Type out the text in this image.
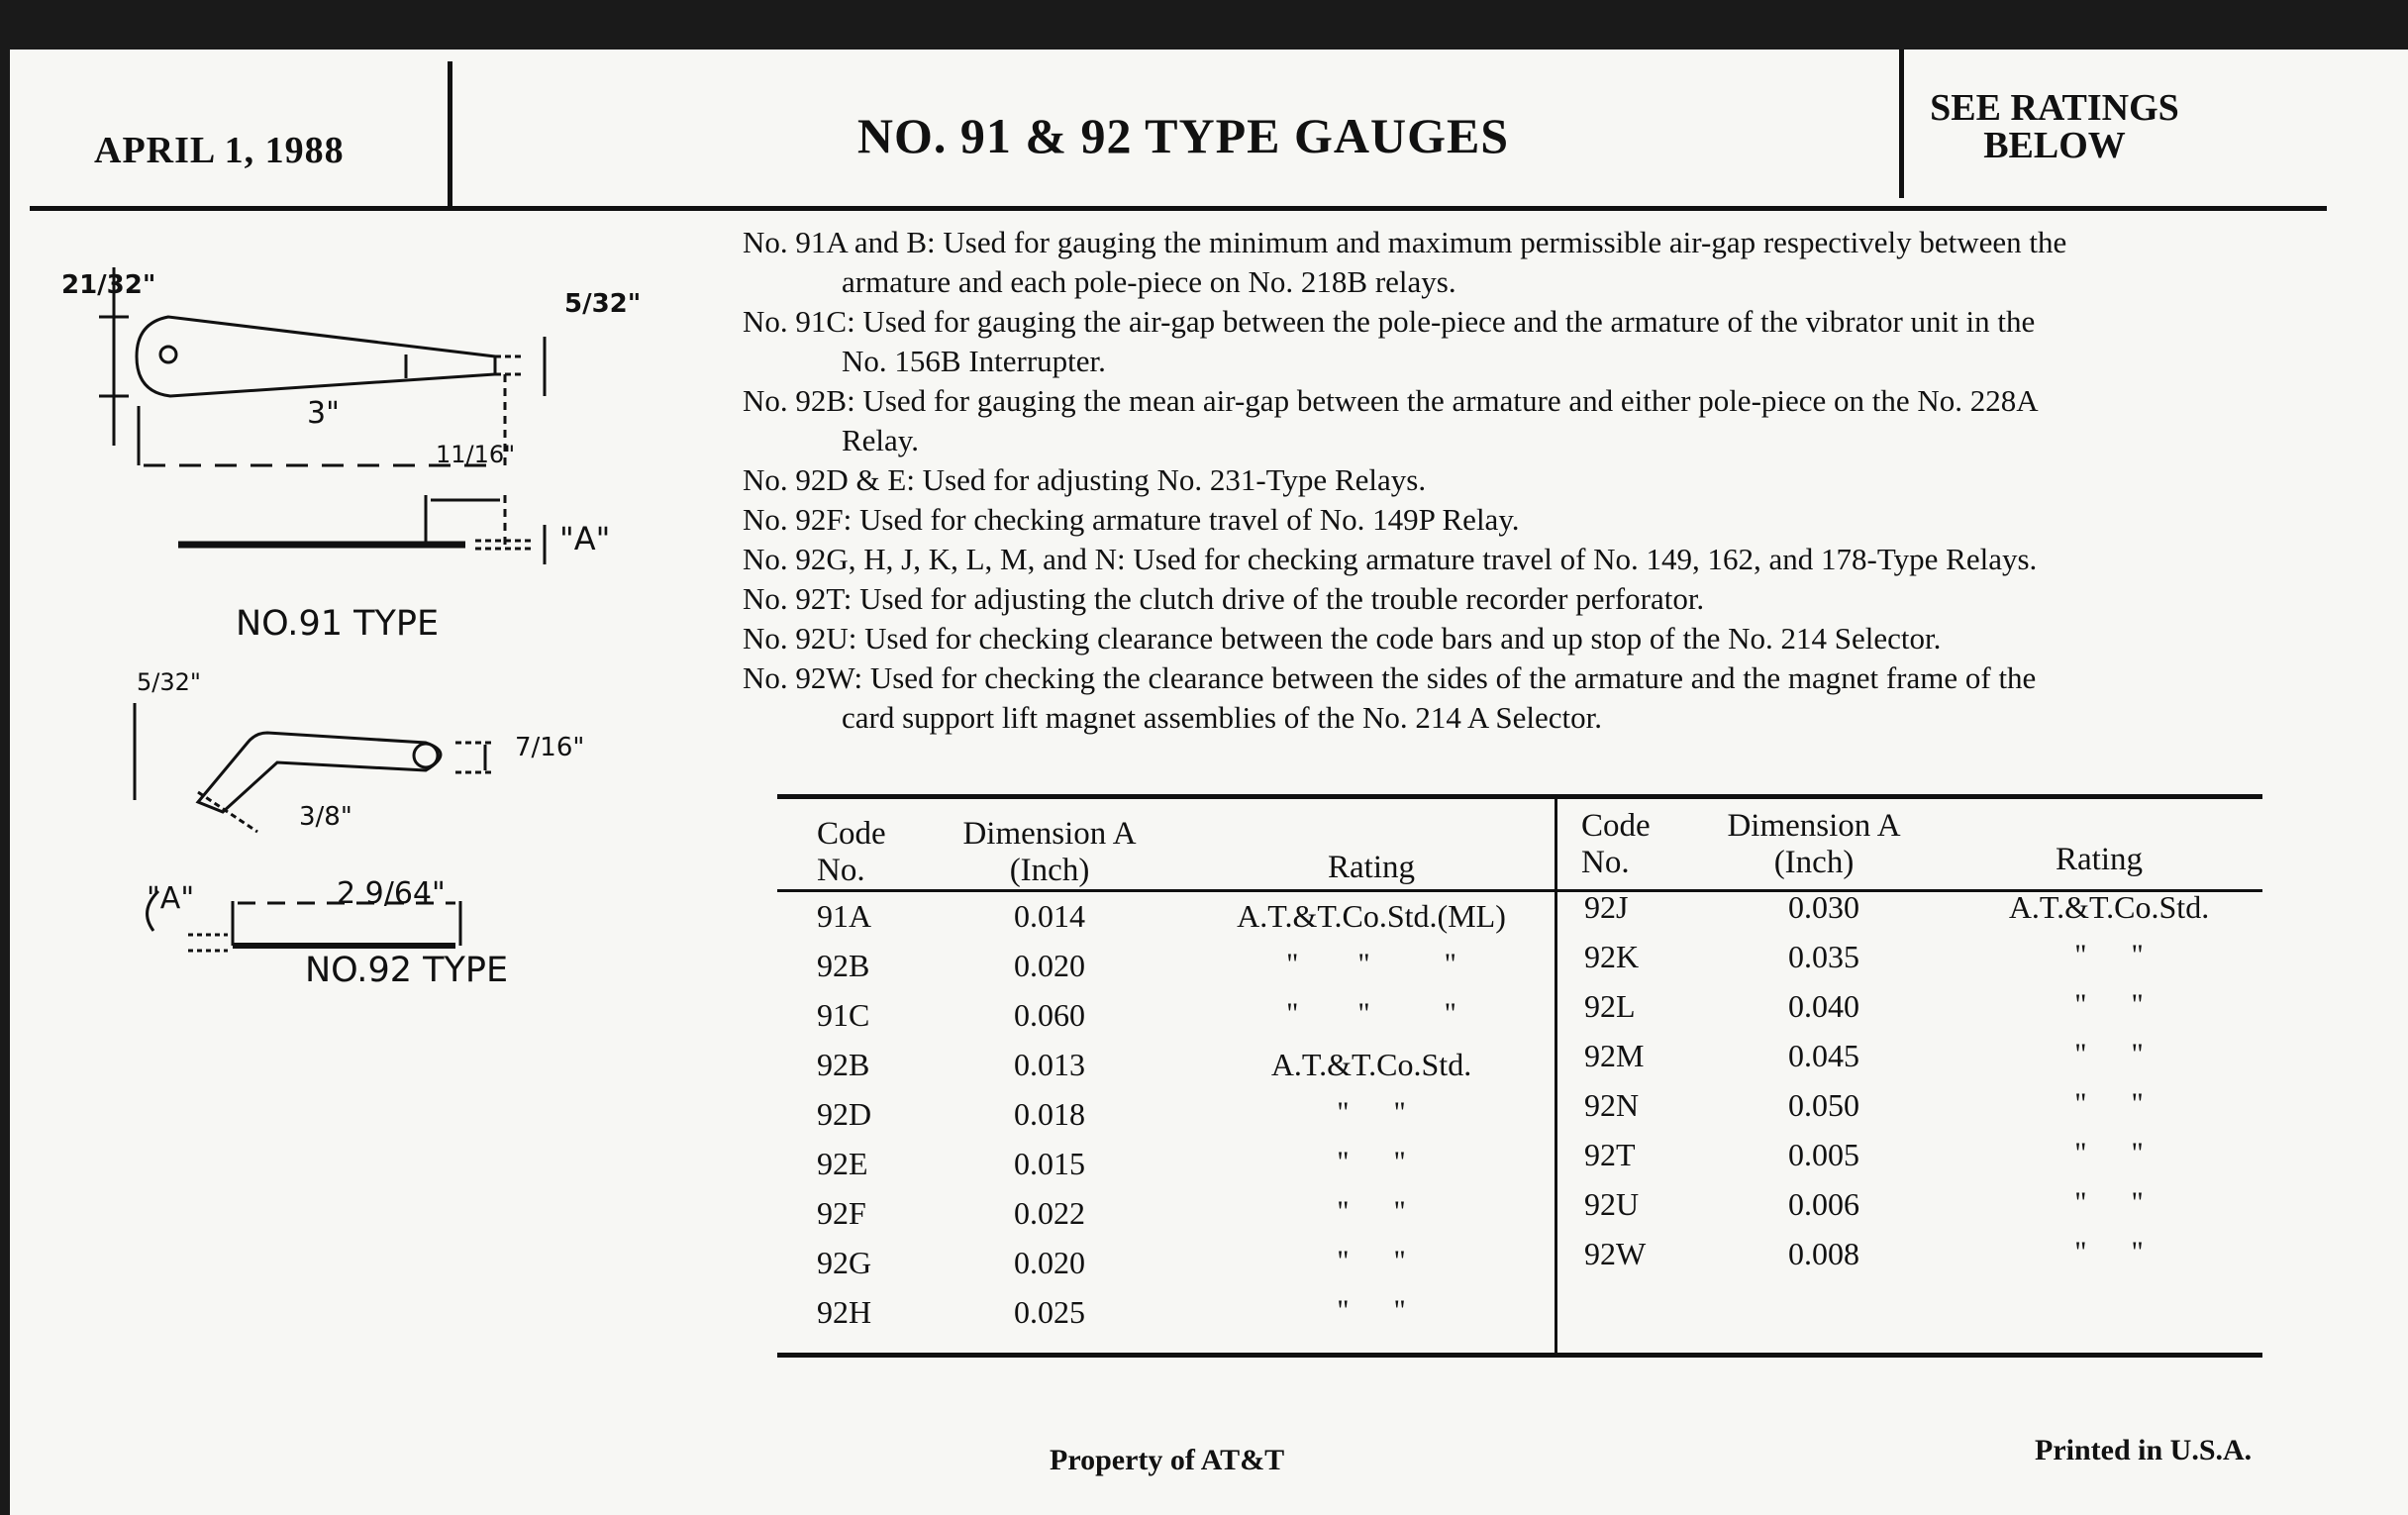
APRIL 1, 1988	NO. 91 & 92 TYPE GAUGES	SEE RATINGS
BELOW
21/32"
5/32"
3"
11/16"
"A"
NO.91 TYPE
5/32"
7/16"
3/8"
"A"	2 9/64"
NO.92 TYPE
No. 91A and B: Used for gauging the minimum and maximum permissible air-gap respectively between the
armature and each pole-piece on No. 218B relays.
No. 91C: Used for gauging the air-gap between the pole-piece and the armature of the vibrator unit in the
No. 156B Interrupter.
No. 92B: Used for gauging the mean air-gap between the armature and either pole-piece on the No. 228A
Relay.
No. 92D & E: Used for adjusting No. 231-Type Relays.
No. 92F: Used for checking armature travel of No. 149P Relay.
No. 92G, H, J, K, L, M, and N: Used for checking armature travel of No. 149, 162, and 178-Type Relays.
No. 92T: Used for adjusting the clutch drive of the trouble recorder perforator.
No. 92U: Used for checking clearance between the code bars and up stop of the No. 214 Selector.
No. 92W: Used for checking the clearance between the sides of the armature and the magnet frame of the
card support lift magnet assemblies of the No. 214 A Selector.
Code
No.
Dimension A
(Inch)	Rating
Code
No.
Dimension A
(Inch)	Rating
91A	0.014	A.T.&T.Co.Std.(ML)
92B	0.020	"        "          "
91C	0.060	"        "          "
92B	0.013	A.T.&T.Co.Std.
92D	0.018	"      "
92E	0.015	"      "
92F	0.022	"      "
92G	0.020	"      "
92H	0.025	"      "
92J	0.030	A.T.&T.Co.Std.
92K	0.035	"      "
92L	0.040	"      "
92M	0.045	"      "
92N	0.050	"      "
92T	0.005	"      "
92U	0.006	"      "
92W	0.008	"      "
Property of AT&T	Printed in U.S.A.
